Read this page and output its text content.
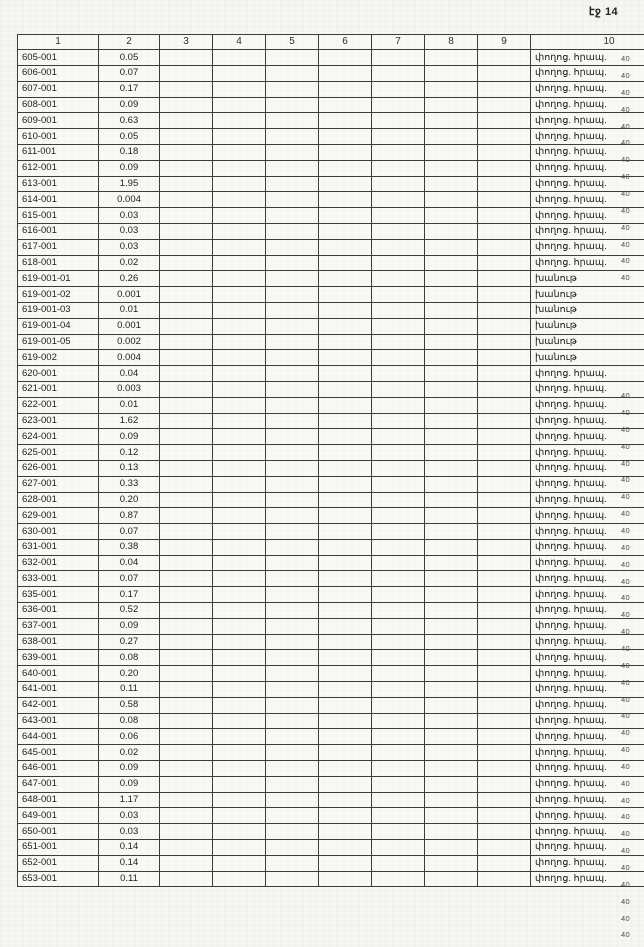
էջ 14
1	2	3	4	5	6	7	8	9	10
605-001	0.05								փողոց. հրապ.
606-001	0.07								փողոց. հրապ.
607-001	0.17								փողոց. հրապ.
608-001	0.09								փողոց. հրապ.
609-001	0.63								փողոց. հրապ.
610-001	0.05								փողոց. հրապ.
611-001	0.18								փողոց. հրապ.
612-001	0.09								փողոց. հրապ.
613-001	1.95								փողոց. հրապ.
614-001	0.004								փողոց. հրապ.
615-001	0.03								փողոց. հրապ.
616-001	0.03								փողոց. հրապ.
617-001	0.03								փողոց. հրապ.
618-001	0.02								փողոց. հրապ.
619-001-01	0.26								խանութ
619-001-02	0.001								խանութ
619-001-03	0.01								խանութ
619-001-04	0.001								խանութ
619-001-05	0.002								խանութ
619-002	0.004								խանութ
620-001	0.04								փողոց. հրապ.
621-001	0.003								փողոց. հրապ.
622-001	0.01								փողոց. հրապ.
623-001	1.62								փողոց. հրապ.
624-001	0.09								փողոց. հրապ.
625-001	0.12								փողոց. հրապ.
626-001	0.13								փողոց. հրապ.
627-001	0.33								փողոց. հրապ.
628-001	0.20								փողոց. հրապ.
629-001	0.87								փողոց. հրապ.
630-001	0.07								փողոց. հրապ.
631-001	0.38								փողոց. հրապ.
632-001	0.04								փողոց. հրապ.
633-001	0.07								փողոց. հրապ.
635-001	0.17								փողոց. հրապ.
636-001	0.52								փողոց. հրապ.
637-001	0.09								փողոց. հրապ.
638-001	0.27								փողոց. հրապ.
639-001	0.08								փողոց. հրապ.
640-001	0.20								փողոց. հրապ.
641-001	0.11								փողոց. հրապ.
642-001	0.58								փողոց. հրապ.
643-001	0.08								փողոց. հրապ.
644-001	0.06								փողոց. հրապ.
645-001	0.02								փողոց. հրապ.
646-001	0.09								փողոց. հրապ.
647-001	0.09								փողոց. հրապ.
648-001	1.17								փողոց. հրապ.
649-001	0.03								փողոց. հրապ.
650-001	0.03								փողոց. հրապ.
651-001	0.14								փողոց. հրապ.
652-001	0.14								փողոց. հրապ.
653-001	0.11								փողոց. հրապ.
40
40
40
40
40
40
40
40
40
40
40
40
40
40
40
40
40
40
40
40
40
40
40
40
40
40
40
40
40
40
40
40
40
40
40
40
40
40
40
40
40
40
40
40
40
40
40
